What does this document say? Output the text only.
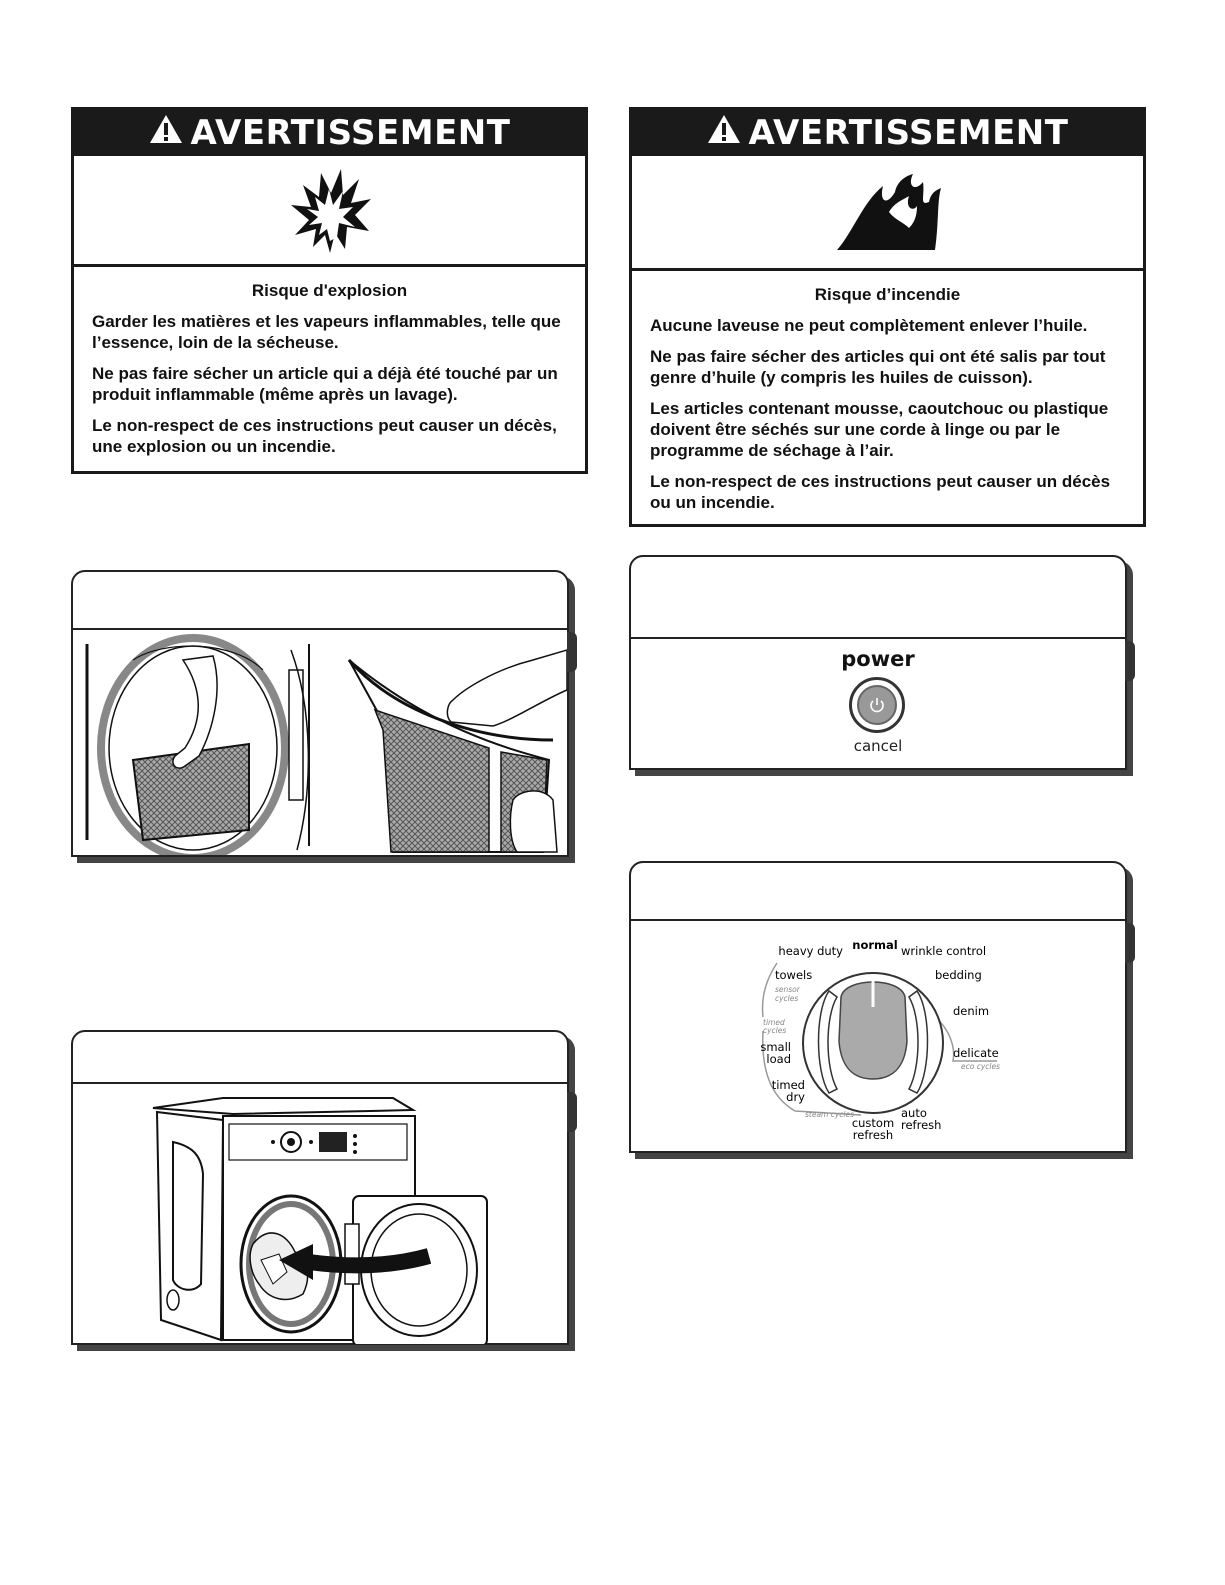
AVERTISSEMENT

Risque d'explosion

Garder les matières et les vapeurs inflammables, telle que l’essence, loin de la sécheuse.

Ne pas faire sécher un article qui a déjà été touché par un produit inflammable (même après un lavage).

Le non-respect de ces instructions peut causer un décès, une explosion ou un incendie.

AVERTISSEMENT

Risque d’incendie

Aucune laveuse ne peut complètement enlever l’huile.

Ne pas faire sécher des articles qui ont été salis par tout genre d’huile (y compris les huiles de cuisson).

Les articles contenant mousse, caoutchouc ou plastique doivent être séchés sur une corde à linge ou par le programme de séchage à l’air.

Le non-respect de ces instructions peut causer un décès ou un incendie.

power
cancel
heavy duty normal wrinkle control
towels	bedding
denim
small
load	delicate
timed
dry
auto
refresh
custom
refresh
sensor
cycles
timed
cycles
eco cycles
steam cycles
